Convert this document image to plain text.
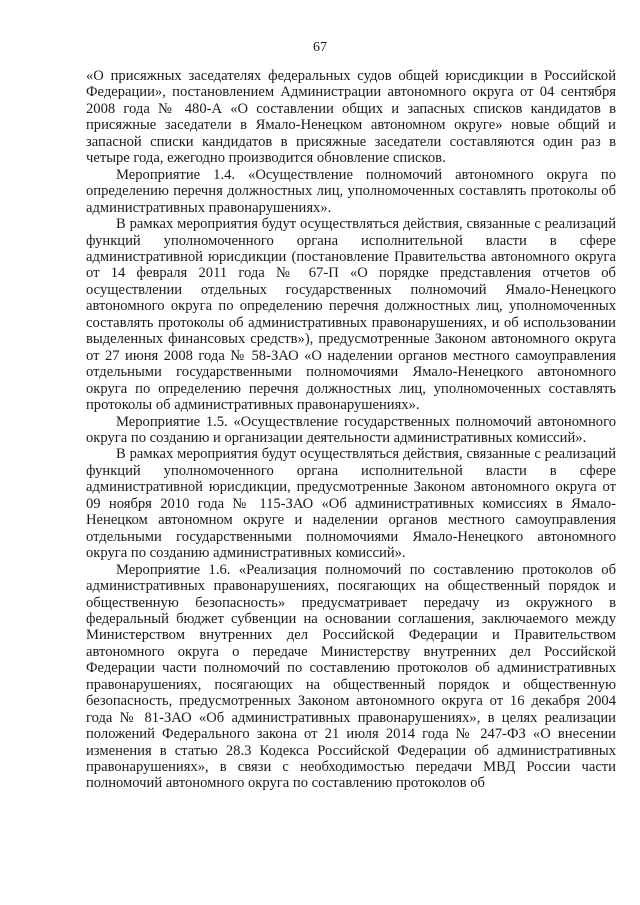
67

«О присяжных заседателях федеральных судов общей юрисдикции в Российской Федерации», постановлением Администрации автономного округа от 04 сентября 2008 года № 480-А «О составлении общих и запасных списков кандидатов в присяжные заседатели в Ямало-Ненецком автономном округе» новые общий и запасной списки кандидатов в присяжные заседатели составляются один раз в четыре года, ежегодно производится обновление списков.

Мероприятие 1.4. «Осуществление полномочий автономного округа по определению перечня должностных лиц, уполномоченных составлять протоколы об административных правонарушениях».

В рамках мероприятия будут осуществляться действия, связанные с реализаций функций уполномоченного органа исполнительной власти в сфере административной юрисдикции (постановление Правительства автономного округа от 14 февраля 2011 года № 67-П «О порядке представления отчетов об осуществлении отдельных государственных полномочий Ямало-Ненецкого автономного округа по определению перечня должностных лиц, уполномоченных составлять протоколы об административных правонарушениях, и об использовании выделенных финансовых средств»), предусмотренные Законом автономного округа от 27 июня 2008 года № 58-ЗАО «О наделении органов местного самоуправления отдельными государственными полномочиями Ямало-Ненецкого автономного округа по определению перечня должностных лиц, уполномоченных составлять протоколы об административных правонарушениях».

Мероприятие 1.5. «Осуществление государственных полномочий автономного округа по созданию и организации деятельности административных комиссий».

В рамках мероприятия будут осуществляться действия, связанные с реализаций функций уполномоченного органа исполнительной власти в сфере административной юрисдикции, предусмотренные Законом автономного округа от 09 ноября 2010 года № 115-ЗАО «Об административных комиссиях в Ямало-Ненецком автономном округе и наделении органов местного самоуправления отдельными государственными полномочиями Ямало-Ненецкого автономного округа по созданию административных комиссий».

Мероприятие 1.6. «Реализация полномочий по составлению протоколов об административных правонарушениях, посягающих на общественный порядок и общественную безопасность» предусматривает передачу из окружного в федеральный бюджет субвенции на основании соглашения, заключаемого между Министерством внутренних дел Российской Федерации и Правительством автономного округа о передаче Министерству внутренних дел Российской Федерации части полномочий по составлению протоколов об административных правонарушениях, посягающих на общественный порядок и общественную безопасность, предусмотренных Законом автономного округа от 16 декабря 2004 года № 81-ЗАО «Об административных правонарушениях», в целях реализации положений Федерального закона от 21 июля 2014 года № 247-ФЗ «О внесении изменения в статью 28.3 Кодекса Российской Федерации об административных правонарушениях», в связи с необходимостью передачи МВД России части полномочий автономного округа по составлению протоколов об
